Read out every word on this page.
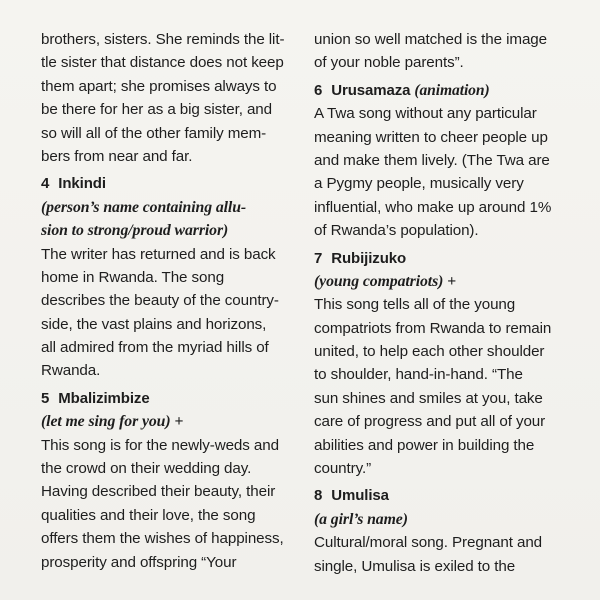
brothers, sisters. She reminds the lit-
tle sister that distance does not keep
them apart; she promises always to
be there for her as a big sister, and
so will all of the other family mem-
bers from near and far.
4 Inkindi
(person’s name containing allu-
sion to strong/proud warrior)
The writer has returned and is back
home in Rwanda. The song
describes the beauty of the country-
side, the vast plains and horizons,
all admired from the myriad hills of
Rwanda.
5 Mbalizimbize
(let me sing for you) +
This song is for the newly-weds and
the crowd on their wedding day.
Having described their beauty, their
qualities and their love, the song
offers them the wishes of happiness,
prosperity and offspring “Your
union so well matched is the image
of your noble parents”.
6 Urusamaza (animation)
A Twa song without any particular
meaning written to cheer people up
and make them lively. (The Twa are
a Pygmy people, musically very
influential, who make up around 1%
of Rwanda’s population).
7 Rubijizuko
(young compatriots) +
This song tells all of the young
compatriots from Rwanda to remain
united, to help each other shoulder
to shoulder, hand-in-hand. “The
sun shines and smiles at you, take
care of progress and put all of your
abilities and power in building the
country.”
8 Umulisa
(a girl’s name)
Cultural/moral song. Pregnant and
single, Umulisa is exiled to the
